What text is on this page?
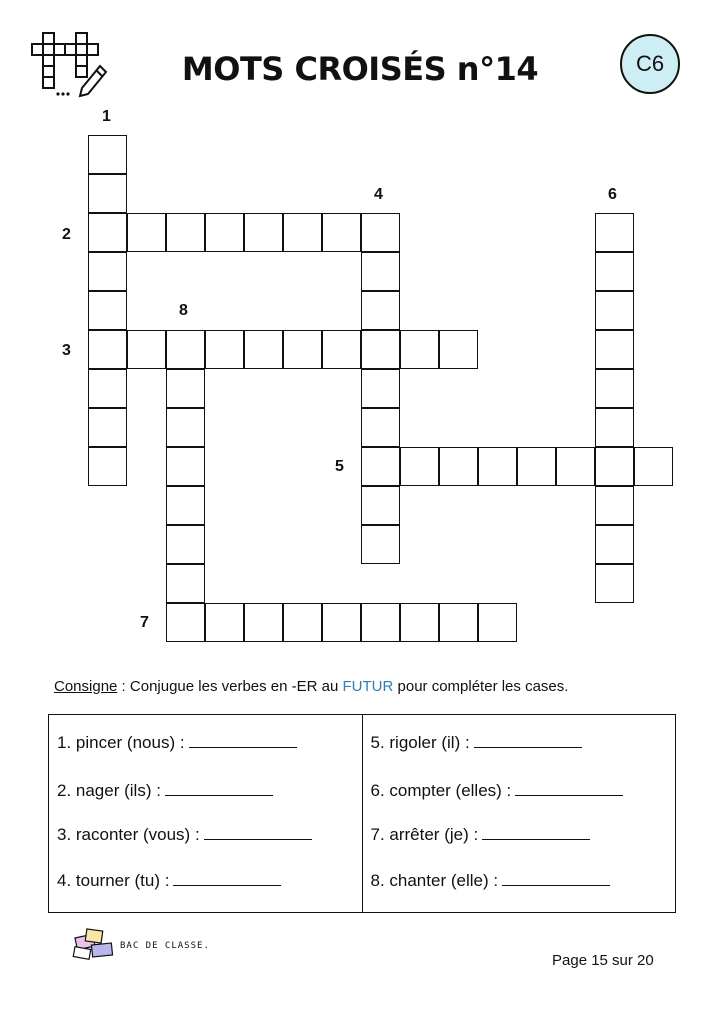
MOTS CROISÉS n°14	C6
1
2
3
4
5
6
7
8
Consigne : Conjugue les verbes en -ER au FUTUR pour compléter les cases.
1. pincer (nous) :
2. nager (ils) :
3. raconter (vous) :
4. tourner (tu) :
5. rigoler (il) :
6. compter (elles) :
7. arrêter (je) :
8. chanter (elle) :
BAC DE CLASSE.
Page 15 sur 20
